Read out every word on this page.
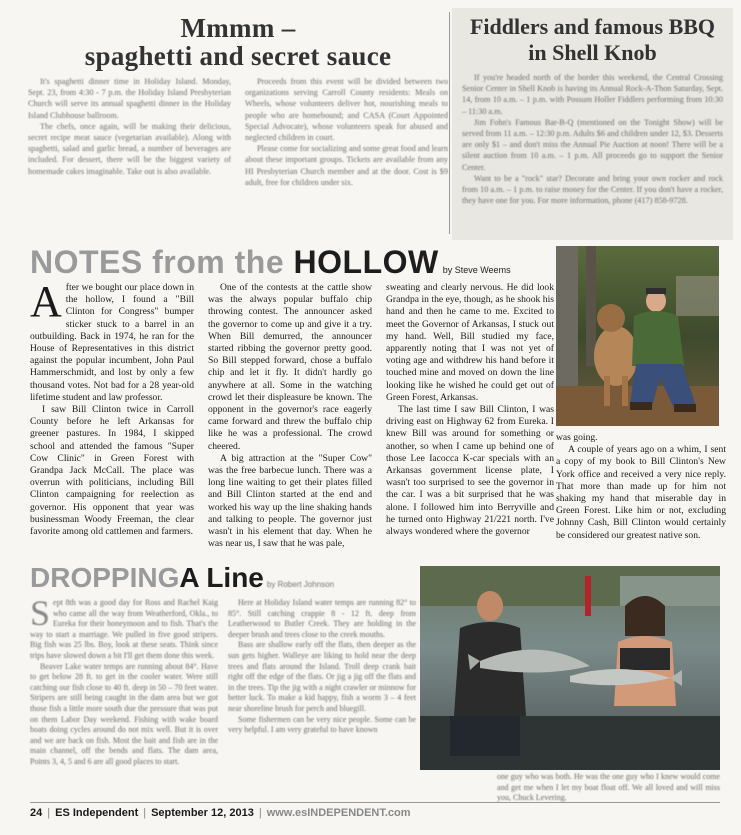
Mmmm –
spaghetti and secret sauce

It's spaghetti dinner time in Holiday Island. Monday, Sept. 23, from 4:30 - 7 p.m. the Holiday Island Presbyterian Church will serve its annual spaghetti dinner in the Holiday Island Clubhouse ballroom.

The chefs, once again, will be making their delicious, secret recipe meat sauce (vegetarian available). Along with spaghetti, salad and garlic bread, a number of beverages are included. For dessert, there will be the biggest variety of homemade cakes imaginable. Take out is also available.

Proceeds from this event will be divided between two organizations serving Carroll County residents: Meals on Wheels, whose volunteers deliver hot, nourishing meals to people who are homebound; and CASA (Court Appointed Special Advocate), whose volunteers speak for abused and neglected children in court.

Please come for socializing and some great food and learn about these important groups. Tickets are available from any HI Presbyterian Church member and at the door. Cost is $9 adult, free for children under six.

Fiddlers and famous BBQ
in Shell Knob

If you're headed north of the border this weekend, the Central Crossing Senior Center in Shell Knob is having its Annual Rock-A-Thon Saturday, Sept. 14, from 10 a.m. – 1 p.m. with Possum Holler Fiddlers performing from 10:30 – 11:30 a.m.

Jim Fohn's Famous Bar-B-Q (mentioned on the Tonight Show) will be served from 11 a.m. – 12:30 p.m. Adults $6 and children under 12, $3. Desserts are only $1 – and don't miss the Annual Pie Auction at noon! There will be a silent auction from 10 a.m. – 1 p.m. All proceeds go to support the Senior Center.

Want to be a "rock" star? Decorate and bring your own rocker and rock from 10 a.m. – 1 p.m. to raise money for the Center. If you don't have a rocker, they have one for you. For more information, phone (417) 858-9728.

NOTES from the HOLLOW by Steve Weems
A fter we bought our place down in the hollow, I found a "Bill Clinton for Congress" bumper sticker stuck to a barrel in an outbuilding. Back in 1974, he ran for the House of Representatives in this district against the popular incumbent, John Paul Hammerschmidt, and lost by only a few thousand votes. Not bad for a 28 year-old lifetime student and law professor.

I saw Bill Clinton twice in Carroll County before he left Arkansas for greener pastures. In 1984, I skipped school and attended the famous "Super Cow Clinic" in Green Forest with Grandpa Jack McCall. The place was overrun with politicians, including Bill Clinton campaigning for reelection as governor. His opponent that year was businessman Woody Freeman, the clear favorite among old cattlemen and farmers.

One of the contests at the cattle show was the always popular buffalo chip throwing contest. The announcer asked the governor to come up and give it a try. When Bill demurred, the announcer started ribbing the governor pretty good. So Bill stepped forward, chose a buffalo chip and let it fly. It didn't hardly go anywhere at all. Some in the watching crowd let their displeasure be known. The opponent in the governor's race eagerly came forward and threw the buffalo chip like he was a professional. The crowd cheered.

A big attraction at the "Super Cow" was the free barbecue lunch. There was a long line waiting to get their plates filled and Bill Clinton started at the end and worked his way up the line shaking hands and talking to people. The governor just wasn't in his element that day. When he was near us, I saw that he was pale,

sweating and clearly nervous. He did look Grandpa in the eye, though, as he shook his hand and then he came to me. Excited to meet the Governor of Arkansas, I stuck out my hand. Well, Bill studied my face, apparently noting that I was not yet of voting age and withdrew his hand before it touched mine and moved on down the line looking like he wished he could get out of Green Forest, Arkansas.

The last time I saw Bill Clinton, I was driving east on Highway 62 from Eureka. I knew Bill was around for something or another, so when I came up behind one of those Lee Iacocca K-car specials with an Arkansas government license plate, I wasn't too surprised to see the governor in the car. I was a bit surprised that he was alone. I followed him into Berryville and he turned onto Highway 21/221 north. I've always wondered where the governor

was going.

A couple of years ago on a whim, I sent a copy of my book to Bill Clinton's New York office and received a very nice reply. That more than made up for him not shaking my hand that miserable day in Green Forest. Like him or not, excluding Johnny Cash, Bill Clinton would certainly be considered our greatest native son.

DROPPINGA Line by Robert Johnson
S ept 8th was a good day for Ross and Rachel Kaig who came all the way from Weatherford, Okla., to Eureka for their honeymoon and to fish. That's the way to start a marriage. We pulled in five good stripers. Big fish was 25 lbs. Boy, look at these seats. Think since trips have slowed down a bit I'll get them done this week.

Beaver Lake water temps are running about 84°. Have to get below 28 ft. to get in the cooler water. Were still catching our fish close to 40 ft. deep in 50 – 70 feet water. Stripers are still being caught in the dam area but we got those fish a little more south due the pressure that was put on them Labor Day weekend. Fishing with wake board boats doing cycles around do not mix well. But it is over and we are back on fish. Most the bait and fish are in the main channel, off the bends and flats. The dam area, Points 3, 4, 5 and 6 are all good places to start.

Here at Holiday Island water temps are running 82° to 85°. Still catching crappie 8 - 12 ft. deep from Leatherwood to Butler Creek. They are holding in the deeper brush and trees close to the creek mouths.

Bass are shallow early off the flats, then deeper as the sun gets higher. Walleye are liking to hold near the deep trees and flats around the Island. Troll deep crank bait right off the edge of the flats. Or jig a jig off the flats and in the trees. Tip the jig with a night crawler or minnow for better luck. To make a kid happy, fish a worm 3 – 4 feet near shoreline brush for perch and bluegill.

Some fishermen can be very nice people. Some can be very helpful. I am very grateful to have known

one guy who was both. He was the one guy who I knew would come and get me when I let my boat float off. We all loved and will miss you, Chuck Levering.
24 | ES Independent | September 12, 2013 | www.esINDEPENDENT.com
